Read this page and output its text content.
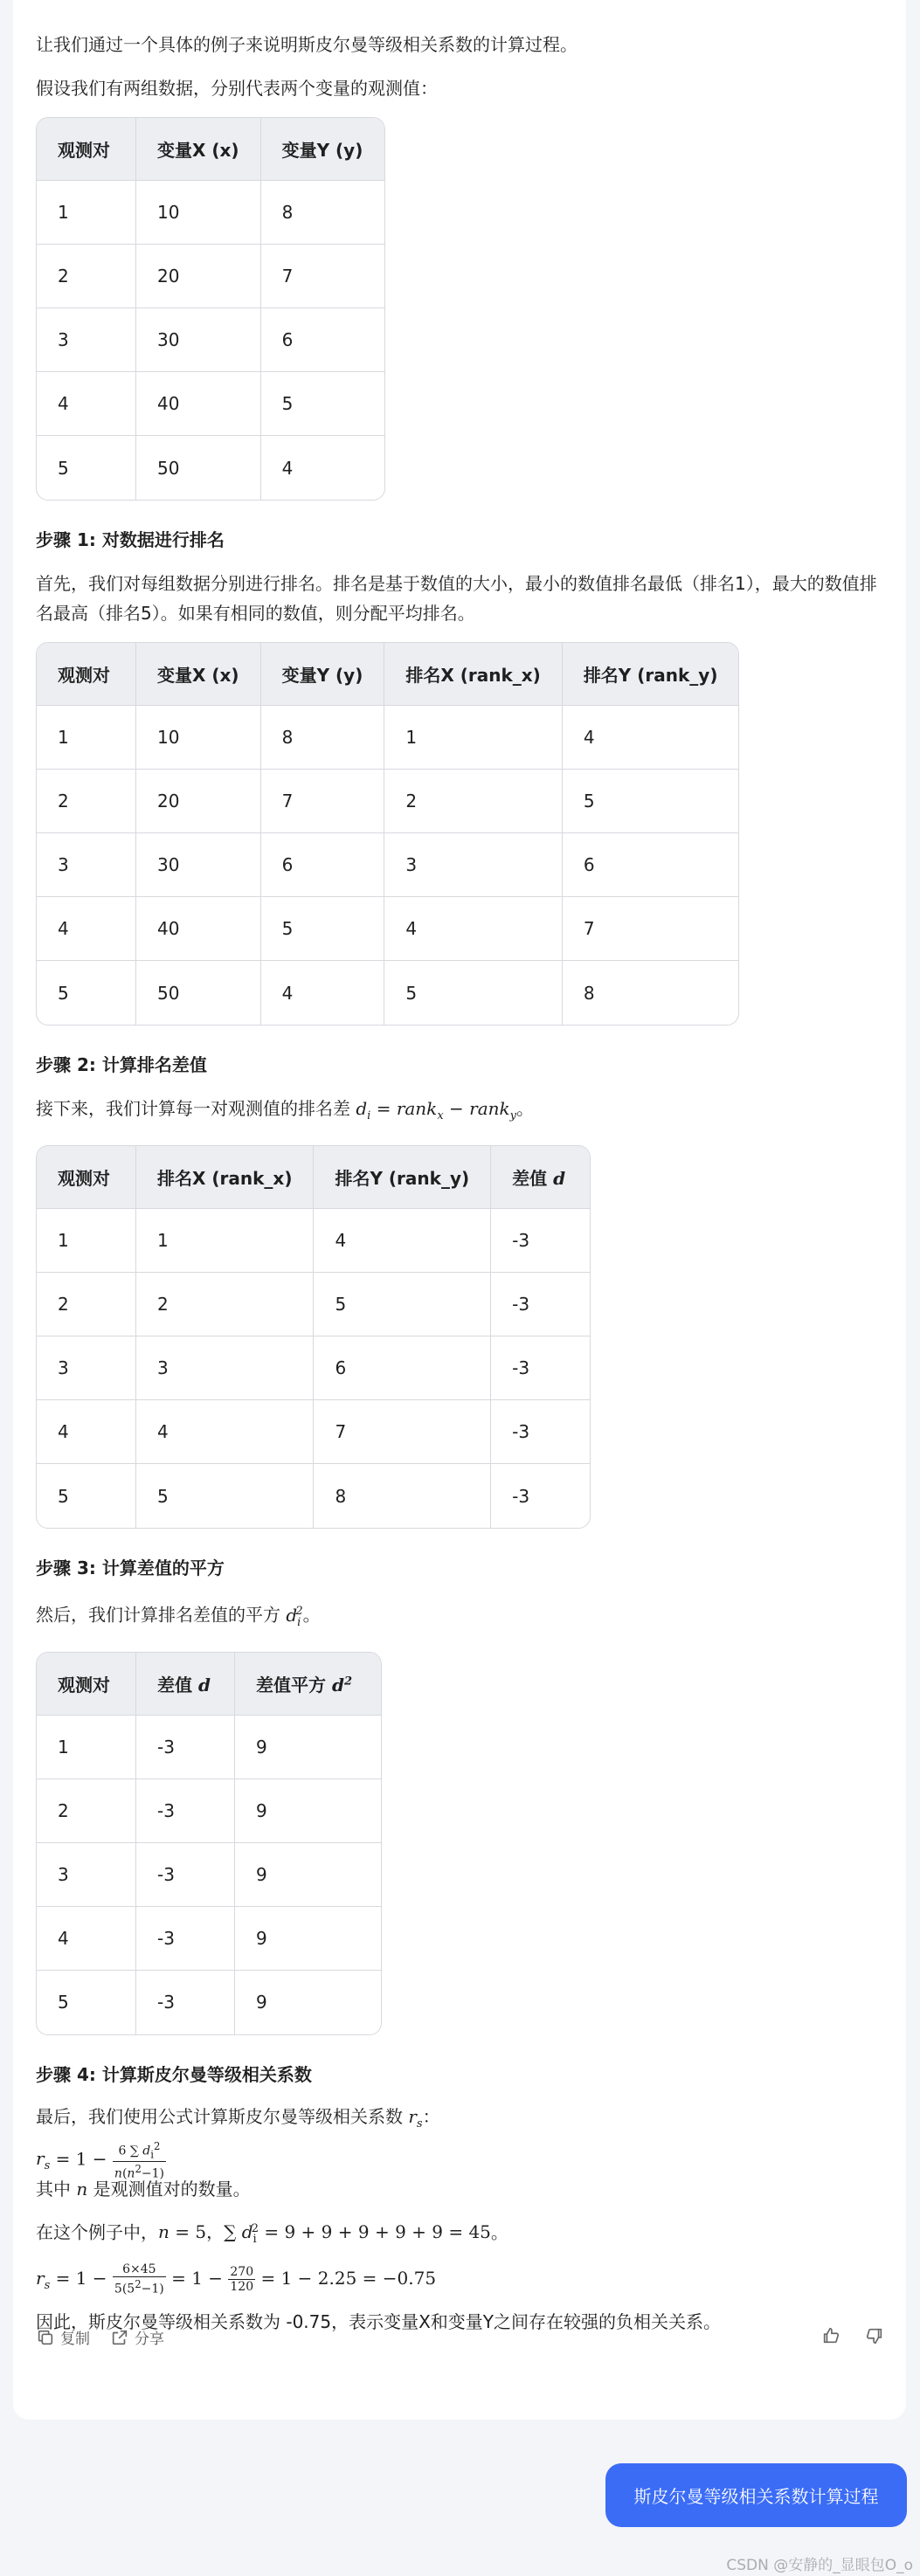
让我们通过一个具体的例子来说明斯皮尔曼等级相关系数的计算过程。

假设我们有两组数据，分别代表两个变量的观测值：

观测对	变量X (x)	变量Y (y)
1	10	8
2	20	7
3	30	6
4	40	5
5	50	4
步骤 1: 对数据进行排名

首先，我们对每组数据分别进行排名。排名是基于数值的大小，最小的数值排名最低（排名1），最大的数值排名最高（排名5）。如果有相同的数值，则分配平均排名。

观测对	变量X (x)	变量Y (y)	排名X (rank_x)	排名Y (rank_y)
1	10	8	1	4
2	20	7	2	5
3	30	6	3	6
4	40	5	4	7
5	50	4	5	8
步骤 2: 计算排名差值

接下来，我们计算每一对观测值的排名差 $d_i$ = rank$_x$ − rank$_y$。

观测对	排名X (rank_x)	排名Y (rank_y)	差值 d
1	1	4	-3
2	2	5	-3
3	3	6	-3
4	4	7	-3
5	5	8	-3
步骤 3: 计算差值的平方

然后，我们计算排名差值的平方 $d_i^2$。

观测对	差值 d	差值平方 $d^2$
1	-3	9
2	-3	9
3	-3	9
4	-3	9
5	-3	9
步骤 4: 计算斯皮尔曼等级相关系数

最后，我们使用公式计算斯皮尔曼等级相关系数 $r_s$：

$r_s = 1 - \frac{6 \sum d_i^2}{n(n^2-1)}$

其中 n 是观测值对的数量。

在这个例子中，n = 5，∑ $d_i^2 = 9 + 9 + 9 + 9 + 9 = 45$。

$r_s = 1 - \frac{6\times 45}{5(5^2-1)} = 1 - \frac{270}{120} = 1 - 2.25 = -0.75$

因此，斯皮尔曼等级相关系数为 -0.75，表示变量X和变量Y之间存在较强的负相关关系。

复制	分享
斯皮尔曼等级相关系数计算过程
CSDN @安静的_显眼包O_o
